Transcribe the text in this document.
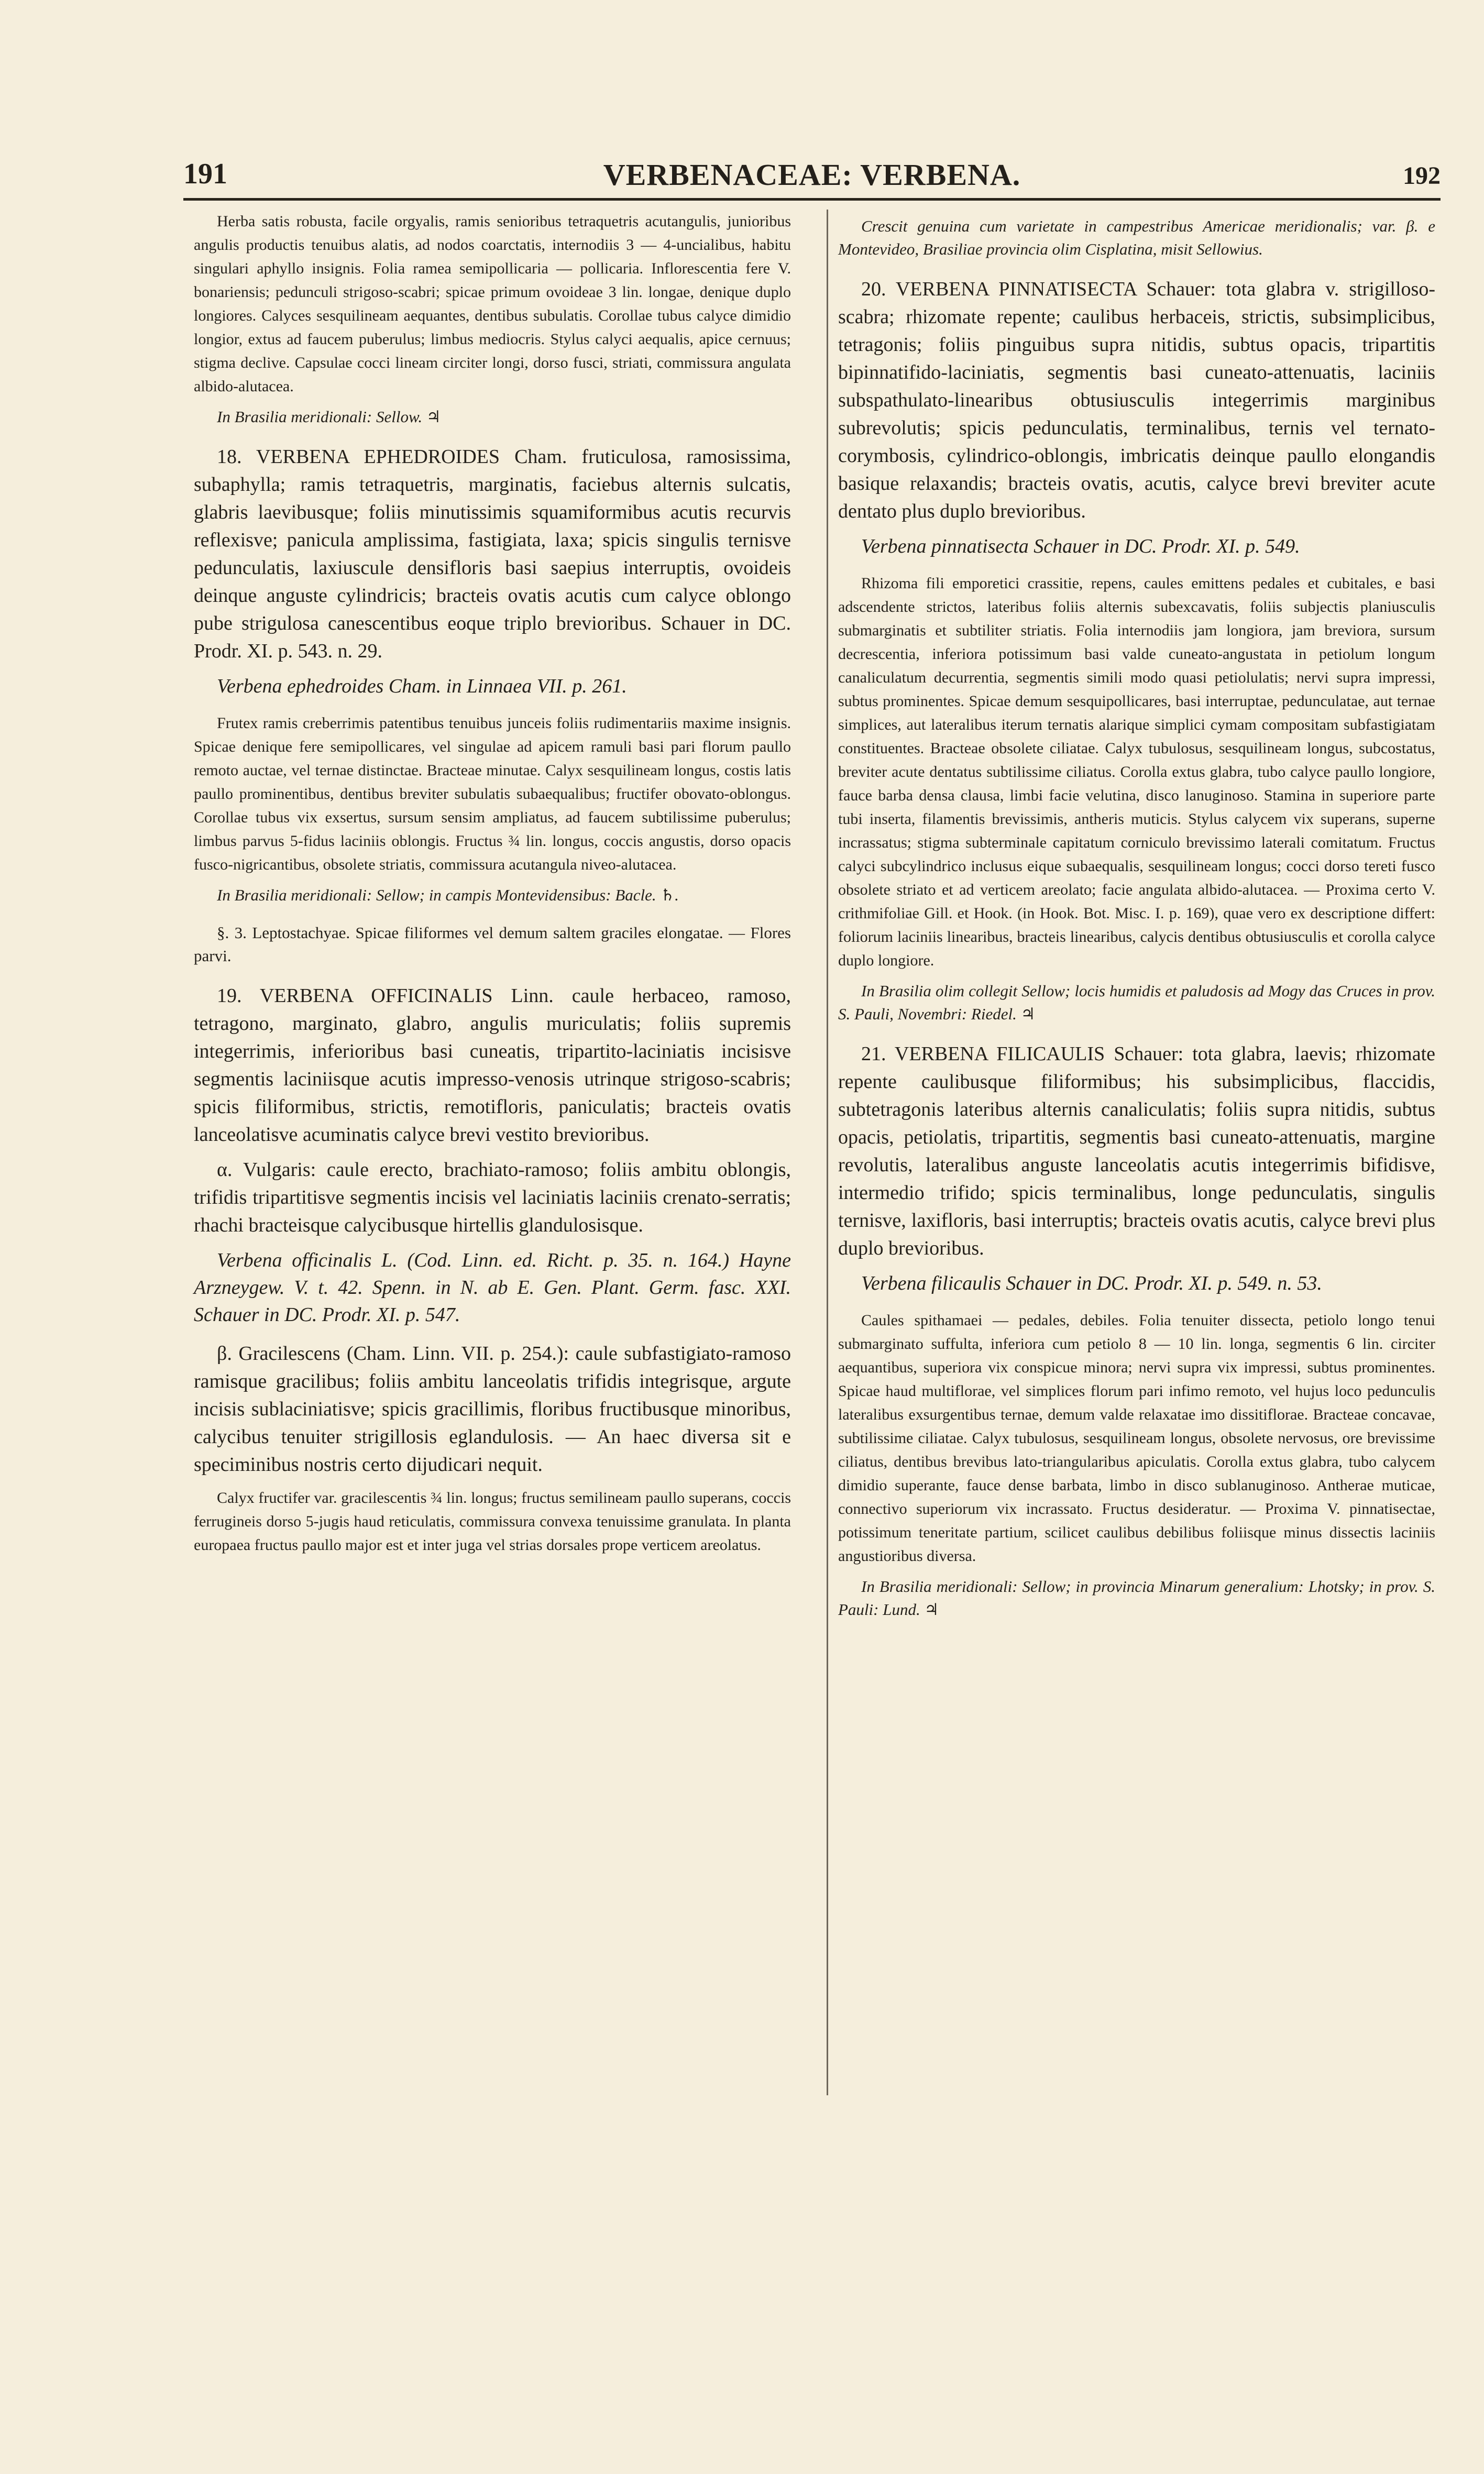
191	VERBENACEAE: VERBENA.	192

Herba satis robusta, facile orgyalis, ramis senioribus tetraquetris acutangulis, junioribus angulis productis tenuibus alatis, ad nodos coarctatis, internodiis 3 — 4-uncialibus, habitu singulari aphyllo insignis. Folia ramea semipollicaria — pollicaria. Inflorescentia fere V. bonariensis; pedunculi strigoso-scabri; spicae primum ovoideae 3 lin. longae, denique duplo longiores. Calyces sesquilineam aequantes, dentibus subulatis. Corollae tubus calyce dimidio longior, extus ad faucem puberulus; limbus mediocris. Stylus calyci aequalis, apice cernuus; stigma declive. Capsulae cocci lineam circiter longi, dorso fusci, striati, commissura angulata albido-alutacea.

In Brasilia meridionali: Sellow. ♃

18. VERBENA EPHEDROIDES Cham. fruticulosa, ramosissima, subaphylla; ramis tetraquetris, marginatis, faciebus alternis sulcatis, glabris laevibusque; foliis minutissimis squamiformibus acutis recurvis reflexisve; panicula amplissima, fastigiata, laxa; spicis singulis ternisve pedunculatis, laxiuscule densifloris basi saepius interruptis, ovoideis deinque anguste cylindricis; bracteis ovatis acutis cum calyce oblongo pube strigulosa canescentibus eoque triplo brevioribus. Schauer in DC. Prodr. XI. p. 543. n. 29.

Verbena ephedroides Cham. in Linnaea VII. p. 261.

Frutex ramis creberrimis patentibus tenuibus junceis foliis rudimentariis maxime insignis. Spicae denique fere semipollicares, vel singulae ad apicem ramuli basi pari florum paullo remoto auctae, vel ternae distinctae. Bracteae minutae. Calyx sesquilineam longus, costis latis paullo prominentibus, dentibus breviter subulatis subaequalibus; fructifer obovato-oblongus. Corollae tubus vix exsertus, sursum sensim ampliatus, ad faucem subtilissime puberulus; limbus parvus 5-fidus laciniis oblongis. Fructus ¾ lin. longus, coccis angustis, dorso opacis fusco-nigricantibus, obsolete striatis, commissura acutangula niveo-alutacea.

In Brasilia meridionali: Sellow; in campis Montevidensibus: Bacle. ♄.

§. 3. Leptostachyae. Spicae filiformes vel demum saltem graciles elongatae. — Flores parvi.

19. VERBENA OFFICINALIS Linn. caule herbaceo, ramoso, tetragono, marginato, glabro, angulis muriculatis; foliis supremis integerrimis, inferioribus basi cuneatis, tripartito-laciniatis incisisve segmentis laciniisque acutis impresso-venosis utrinque strigoso-scabris; spicis filiformibus, strictis, remotifloris, paniculatis; bracteis ovatis lanceolatisve acuminatis calyce brevi vestito brevioribus.

α. Vulgaris: caule erecto, brachiato-ramoso; foliis ambitu oblongis, trifidis tripartitisve segmentis incisis vel laciniatis laciniis crenato-serratis; rhachi bracteisque calycibusque hirtellis glandulosisque.

Verbena officinalis L. (Cod. Linn. ed. Richt. p. 35. n. 164.) Hayne Arzneygew. V. t. 42. Spenn. in N. ab E. Gen. Plant. Germ. fasc. XXI. Schauer in DC. Prodr. XI. p. 547.

β. Gracilescens (Cham. Linn. VII. p. 254.): caule subfastigiato-ramoso ramisque gracilibus; foliis ambitu lanceolatis trifidis integrisque, argute incisis sublaciniatisve; spicis gracillimis, floribus fructibusque minoribus, calycibus tenuiter strigillosis eglandulosis. — An haec diversa sit e speciminibus nostris certo dijudicari nequit.

Calyx fructifer var. gracilescentis ¾ lin. longus; fructus semilineam paullo superans, coccis ferrugineis dorso 5-jugis haud reticulatis, commissura convexa tenuissime granulata. In planta europaea fructus paullo major est et inter juga vel strias dorsales prope verticem areolatus.

Crescit genuina cum varietate in campestribus Americae meridionalis; var. β. e Montevideo, Brasiliae provincia olim Cisplatina, misit Sellowius.

20. VERBENA PINNATISECTA Schauer: tota glabra v. strigilloso-scabra; rhizomate repente; caulibus herbaceis, strictis, subsimplicibus, tetragonis; foliis pinguibus supra nitidis, subtus opacis, tripartitis bipinnatifido-laciniatis, segmentis basi cuneato-attenuatis, laciniis subspathulato-linearibus obtusiusculis integerrimis marginibus subrevolutis; spicis pedunculatis, terminalibus, ternis vel ternato-corymbosis, cylindrico-oblongis, imbricatis deinque paullo elongandis basique relaxandis; bracteis ovatis, acutis, calyce brevi breviter acute dentato plus duplo brevioribus.

Verbena pinnatisecta Schauer in DC. Prodr. XI. p. 549.

Rhizoma fili emporetici crassitie, repens, caules emittens pedales et cubitales, e basi adscendente strictos, lateribus foliis alternis subexcavatis, foliis subjectis planiusculis submarginatis et subtiliter striatis. Folia internodiis jam longiora, jam breviora, sursum decrescentia, inferiora potissimum basi valde cuneato-angustata in petiolum longum canaliculatum decurrentia, segmentis simili modo quasi petiolulatis; nervi supra impressi, subtus prominentes. Spicae demum sesquipollicares, basi interruptae, pedunculatae, aut ternae simplices, aut lateralibus iterum ternatis alarique simplici cymam compositam subfastigiatam constituentes. Bracteae obsolete ciliatae. Calyx tubulosus, sesquilineam longus, subcostatus, breviter acute dentatus subtilissime ciliatus. Corolla extus glabra, tubo calyce paullo longiore, fauce barba densa clausa, limbi facie velutina, disco lanuginoso. Stamina in superiore parte tubi inserta, filamentis brevissimis, antheris muticis. Stylus calycem vix superans, superne incrassatus; stigma subterminale capitatum corniculo brevissimo laterali comitatum. Fructus calyci subcylindrico inclusus eique subaequalis, sesquilineam longus; cocci dorso tereti fusco obsolete striato et ad verticem areolato; facie angulata albido-alutacea. — Proxima certo V. crithmifoliae Gill. et Hook. (in Hook. Bot. Misc. I. p. 169), quae vero ex descriptione differt: foliorum laciniis linearibus, bracteis linearibus, calycis dentibus obtusiusculis et corolla calyce duplo longiore.

In Brasilia olim collegit Sellow; locis humidis et paludosis ad Mogy das Cruces in prov. S. Pauli, Novembri: Riedel. ♃

21. VERBENA FILICAULIS Schauer: tota glabra, laevis; rhizomate repente caulibusque filiformibus; his subsimplicibus, flaccidis, subtetragonis lateribus alternis canaliculatis; foliis supra nitidis, subtus opacis, petiolatis, tripartitis, segmentis basi cuneato-attenuatis, margine revolutis, lateralibus anguste lanceolatis acutis integerrimis bifidisve, intermedio trifido; spicis terminalibus, longe pedunculatis, singulis ternisve, laxifloris, basi interruptis; bracteis ovatis acutis, calyce brevi plus duplo brevioribus.

Verbena filicaulis Schauer in DC. Prodr. XI. p. 549. n. 53.

Caules spithamaei — pedales, debiles. Folia tenuiter dissecta, petiolo longo tenui submarginato suffulta, inferiora cum petiolo 8 — 10 lin. longa, segmentis 6 lin. circiter aequantibus, superiora vix conspicue minora; nervi supra vix impressi, subtus prominentes. Spicae haud multiflorae, vel simplices florum pari infimo remoto, vel hujus loco pedunculis lateralibus exsurgentibus ternae, demum valde relaxatae imo dissitiflorae. Bracteae concavae, subtilissime ciliatae. Calyx tubulosus, sesquilineam longus, obsolete nervosus, ore brevissime ciliatus, dentibus brevibus lato-triangularibus apiculatis. Corolla extus glabra, tubo calycem dimidio superante, fauce dense barbata, limbo in disco sublanuginoso. Antherae muticae, connectivo superiorum vix incrassato. Fructus desideratur. — Proxima V. pinnatisectae, potissimum teneritate partium, scilicet caulibus debilibus foliisque minus dissectis laciniis angustioribus diversa.

In Brasilia meridionali: Sellow; in provincia Minarum generalium: Lhotsky; in prov. S. Pauli: Lund. ♃
